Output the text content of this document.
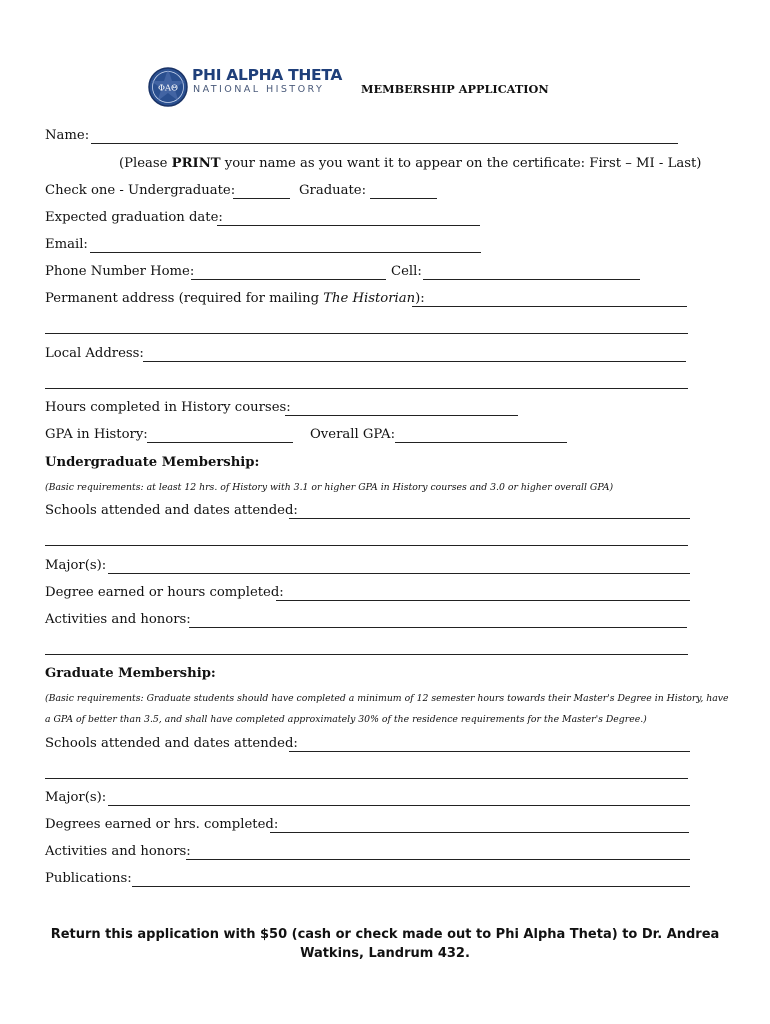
ΦΑΘ
PHI ALPHA THETA
NATIONAL HISTORY	MEMBERSHIP APPLICATION
Name:
(Please PRINT your name as you want it to appear on the certificate: First – MI - Last)
Check one - Undergraduate:	Graduate:
Expected graduation date:
Email:
Phone Number Home:	Cell:
Permanent address (required for mailing The Historian):
Local Address:
Hours completed in History courses:
GPA in History:	Overall GPA:
Undergraduate Membership:
(Basic requirements: at least 12 hrs. of History with 3.1 or higher GPA in History courses and 3.0 or higher overall GPA)
Schools attended and dates attended:
Major(s):
Degree earned or hours completed:
Activities and honors:
Graduate Membership:
(Basic requirements: Graduate students should have completed a minimum of 12 semester hours towards their Master's Degree in History, have
a GPA of better than 3.5, and shall have completed approximately 30% of the residence requirements for the Master's Degree.)
Schools attended and dates attended:
Major(s):
Degrees earned or hrs. completed:
Activities and honors:
Publications:
Return this application with $50 (cash or check made out to Phi Alpha Theta) to Dr. Andrea
Watkins, Landrum 432.
